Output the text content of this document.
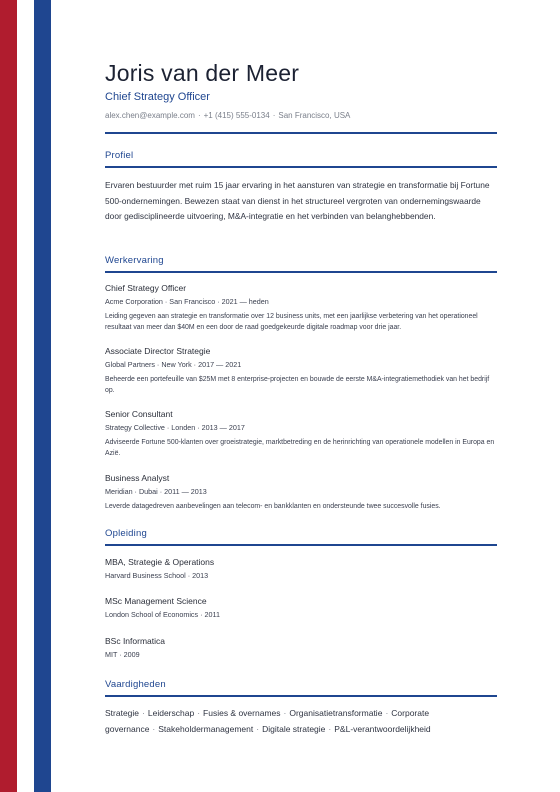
Joris van der Meer
Chief Strategy Officer
alex.chen@example.com · +1 (415) 555-0134 · San Francisco, USA
Profiel
Ervaren bestuurder met ruim 15 jaar ervaring in het aansturen van strategie en transformatie bij Fortune 500-ondernemingen. Bewezen staat van dienst in het structureel vergroten van ondernemingswaarde door gedisciplineerde uitvoering, M&A-integratie en het verbinden van belanghebbenden.
Werkervaring
Chief Strategy Officer
Acme Corporation · San Francisco · 2021 — heden
Leiding gegeven aan strategie en transformatie over 12 business units, met een jaarlijkse verbetering van het operationeel resultaat van meer dan $40M en een door de raad goedgekeurde digitale roadmap voor drie jaar.
Associate Director Strategie
Global Partners · New York · 2017 — 2021
Beheerde een portefeuille van $25M met 8 enterprise-projecten en bouwde de eerste M&A-integratiemethodiek van het bedrijf op.
Senior Consultant
Strategy Collective · Londen · 2013 — 2017
Adviseerde Fortune 500-klanten over groeistrategie, marktbetreding en de herinrichting van operationele modellen in Europa en Azië.
Business Analyst
Meridian · Dubai · 2011 — 2013
Leverde datagedreven aanbevelingen aan telecom- en bankklanten en ondersteunde twee succesvolle fusies.
Opleiding
MBA, Strategie & Operations
Harvard Business School · 2013
MSc Management Science
London School of Economics · 2011
BSc Informatica
MIT · 2009
Vaardigheden
Strategie · Leiderschap · Fusies & overnames · Organisatietransformatie · Corporate governance · Stakeholdermanagement · Digitale strategie · P&L-verantwoordelijkheid
